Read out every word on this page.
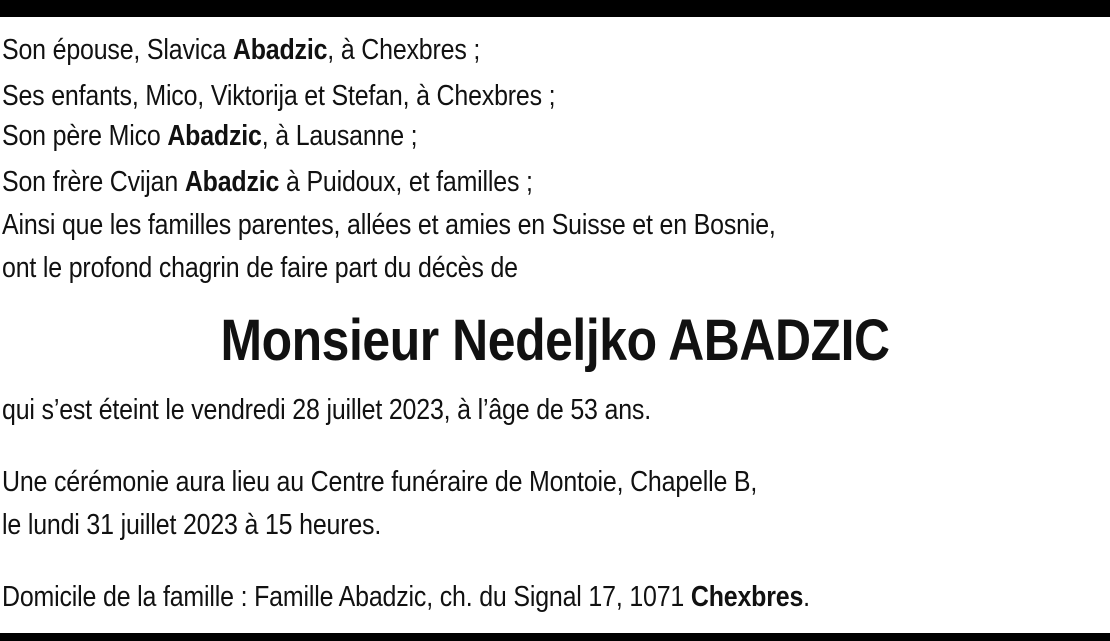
Son épouse, Slavica Abadzic, à Chexbres ;
Ses enfants, Mico, Viktorija et Stefan, à Chexbres ;
Son père Mico Abadzic, à Lausanne ;
Son frère Cvijan Abadzic à Puidoux, et familles ;
Ainsi que les familles parentes, allées et amies en Suisse et en Bosnie,
ont le profond chagrin de faire part du décès de
Monsieur Nedeljko ABADZIC
qui s’est éteint le vendredi 28 juillet 2023, à l’âge de 53 ans.
Une cérémonie aura lieu au Centre funéraire de Montoie, Chapelle B,
le lundi 31 juillet 2023 à 15 heures.
Domicile de la famille : Famille Abadzic, ch. du Signal 17, 1071 Chexbres.
